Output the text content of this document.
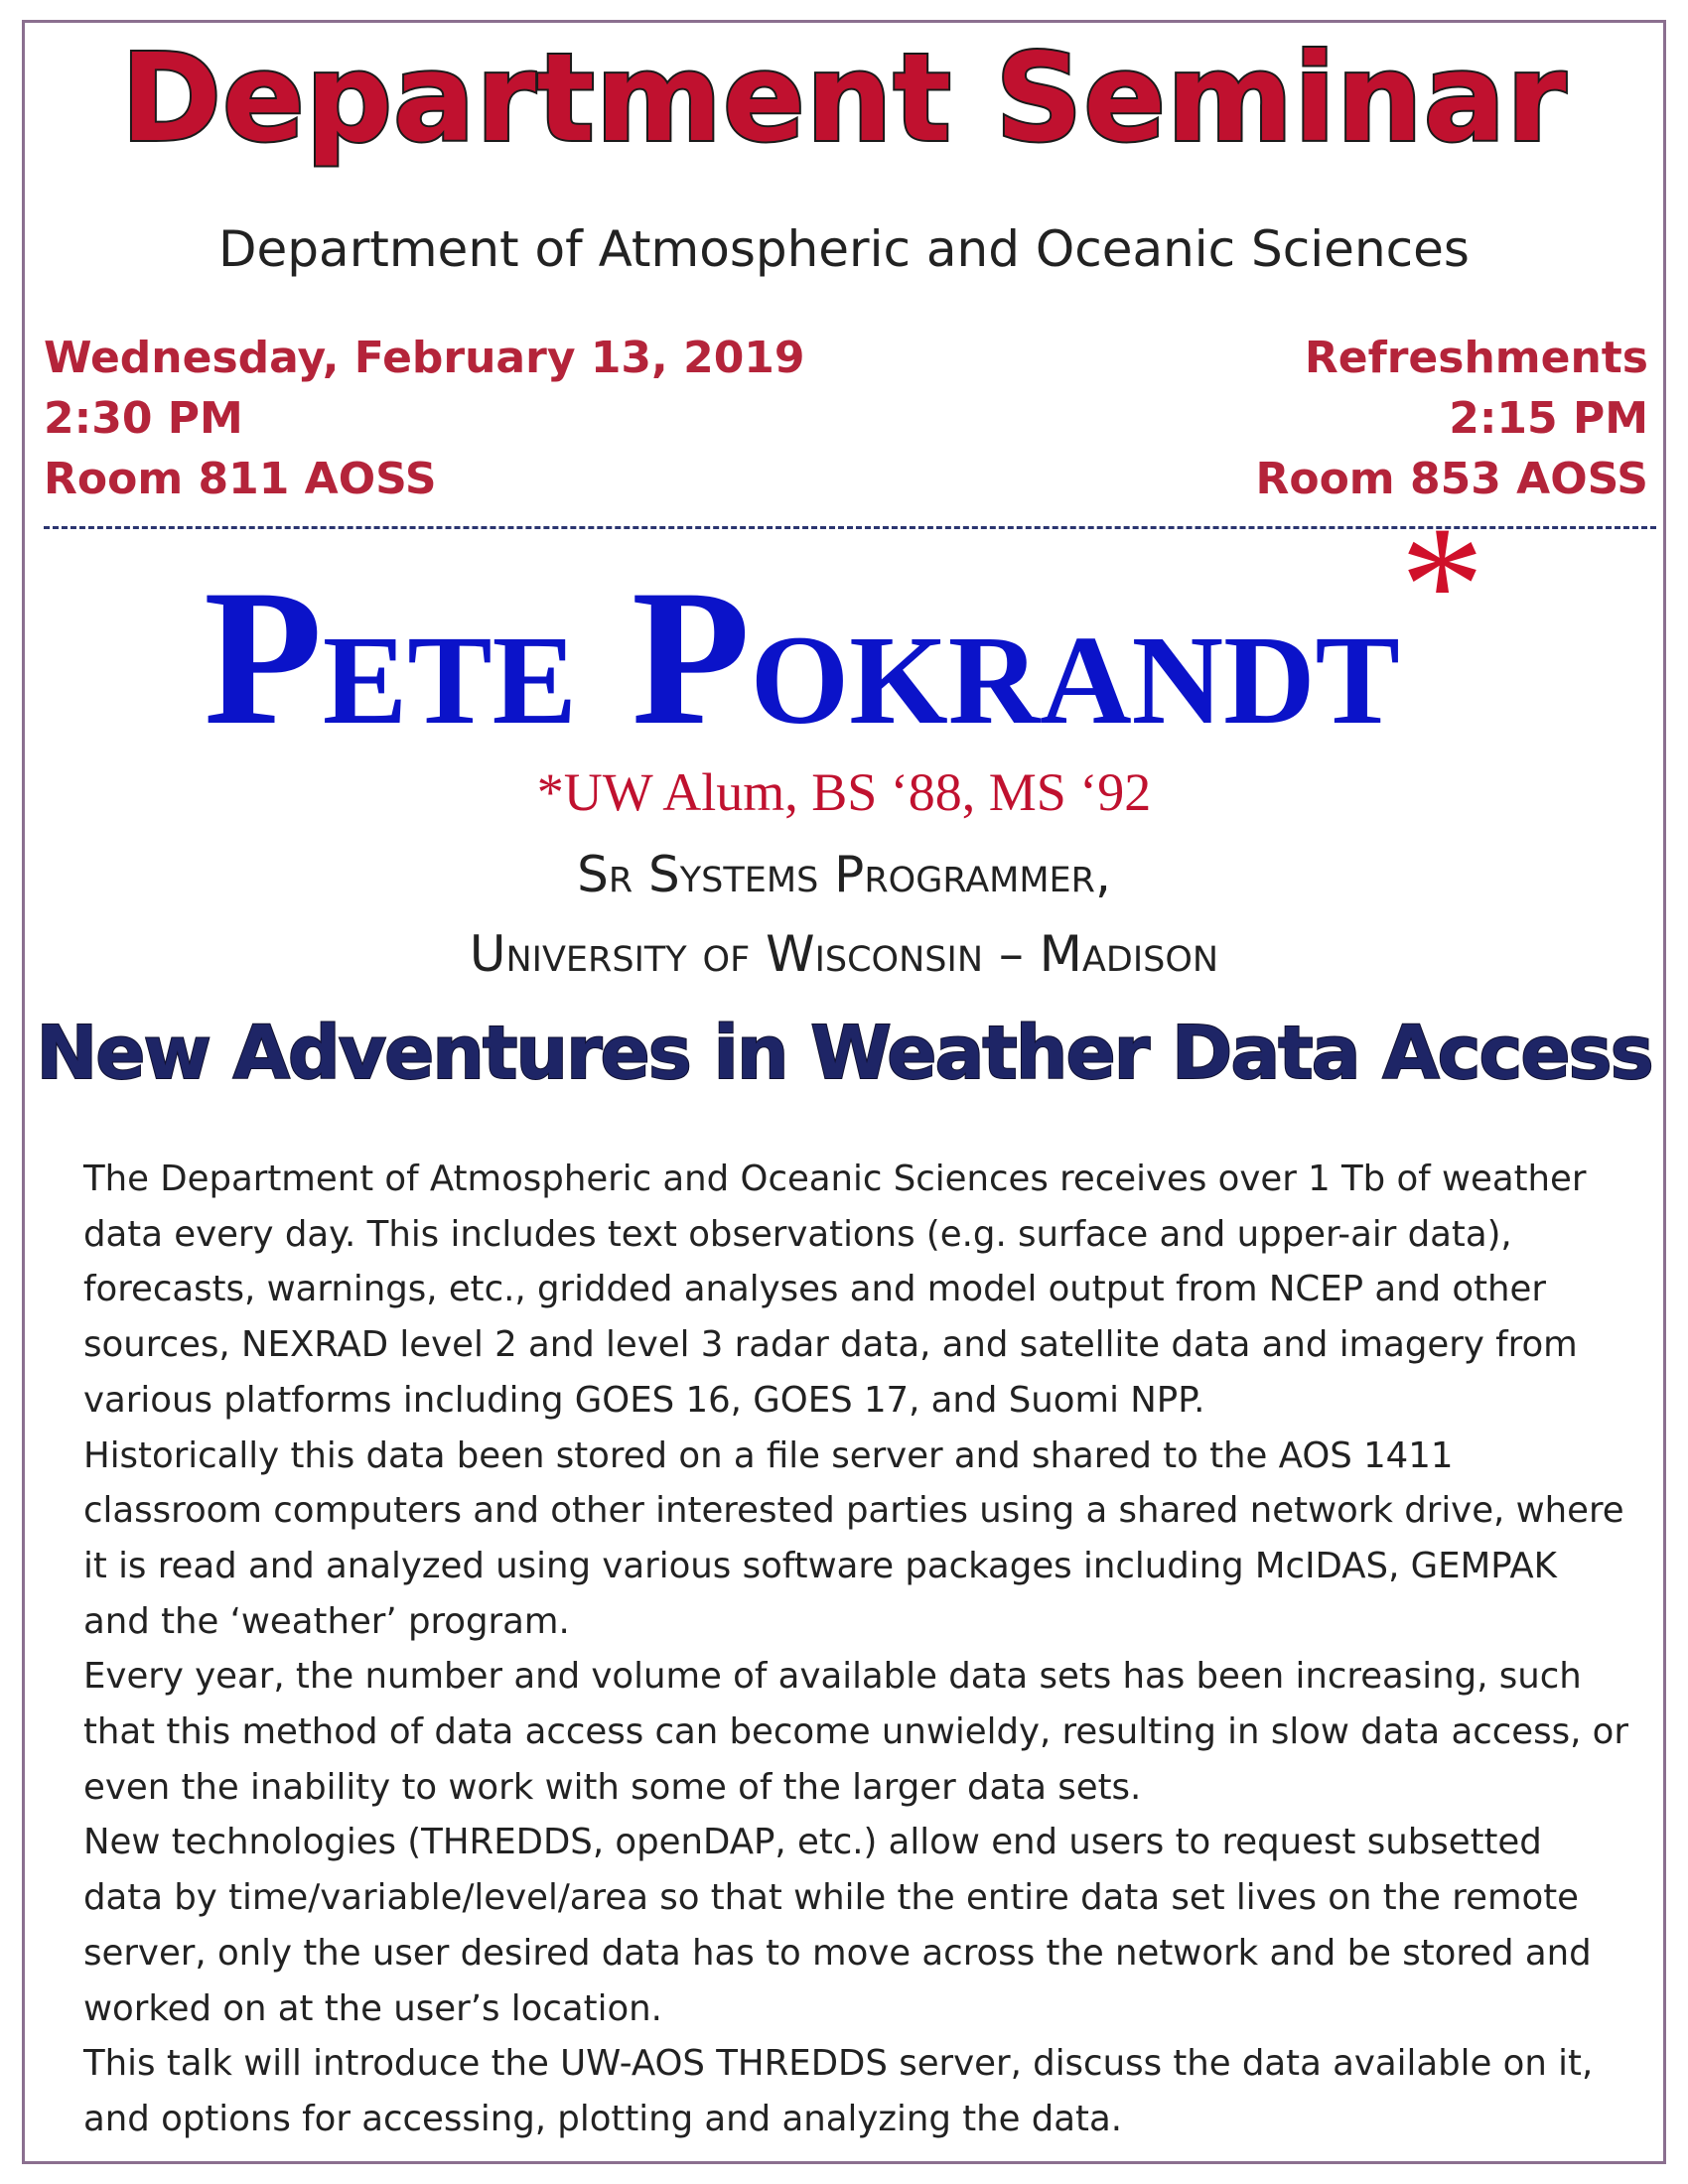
Department Seminar
Department of Atmospheric and Oceanic Sciences
Wednesday, February 13, 2019
2:30 PM
Room 811 AOSS
Refreshments
2:15 PM
Room 853 AOSS
PETE POKRANDT*
*UW Alum, BS ‘88, MS ‘92
Sr Systems Programmer,
University of Wisconsin – Madison
New Adventures in Weather Data Access

The Department of Atmospheric and Oceanic Sciences receives over 1 Tb of weather data every day. This includes text observations (e.g. surface and upper-air data), forecasts, warnings, etc., gridded analyses and model output from NCEP and other sources, NEXRAD level 2 and level 3 radar data, and satellite data and imagery from various platforms including GOES 16, GOES 17, and Suomi NPP.

Historically this data been stored on a file server and shared to the AOS 1411 classroom computers and other interested parties using a shared network drive, where it is read and analyzed using various software packages including McIDAS, GEMPAK and the ‘weather’ program.

Every year, the number and volume of available data sets has been increasing, such that this method of data access can become unwieldy, resulting in slow data access, or even the inability to work with some of the larger data sets.

New technologies (THREDDS, openDAP, etc.) allow end users to request subsetted data by time/variable/level/area so that while the entire data set lives on the remote server, only the user desired data has to move across the network and be stored and worked on at the user’s location.

This talk will introduce the UW-AOS THREDDS server, discuss the data available on it, and options for accessing, plotting and analyzing the data.
